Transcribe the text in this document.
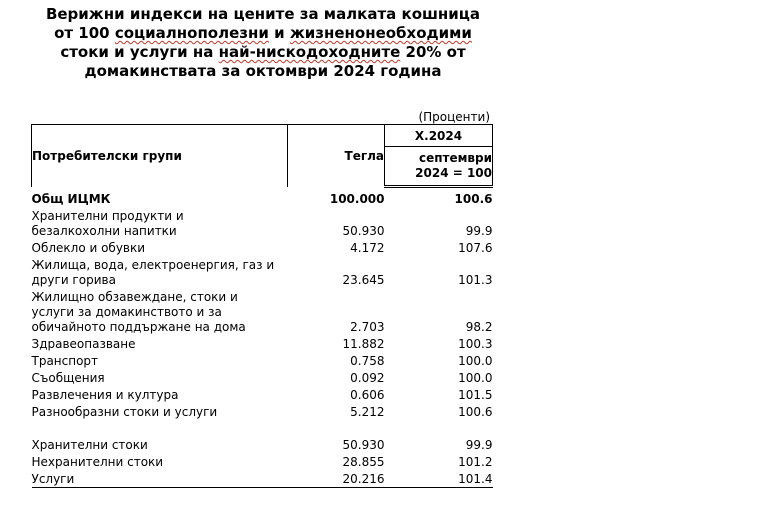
Верижни индекси на цените за малката кошница
от 100 социалнополезни и жизненонеобходими
стоки и услуги на най-нискодоходните 20% от
домакинствата за октомври 2024 година
(Проценти)
Потребителски групи	Тегла	X.2024
		септември
2024 = 100
Общ ИЦМК	100.000	100.6
Хранителни продукти и
безалкохолни напитки	50.930	99.9
Облекло и обувки	4.172	107.6
Жилища, вода, електроенергия, газ и
други горива	23.645	101.3
Жилищно обзавеждане, стоки и
услуги за домакинството и за
обичайното поддържане на дома	2.703	98.2
Здравеопазване	11.882	100.3
Транспорт	0.758	100.0
Съобщения	0.092	100.0
Развлечения и култура	0.606	101.5
Разнообразни стоки и услуги	5.212	100.6

Хранителни стоки	50.930	99.9
Нехранителни стоки	28.855	101.2
Услуги	20.216	101.4
